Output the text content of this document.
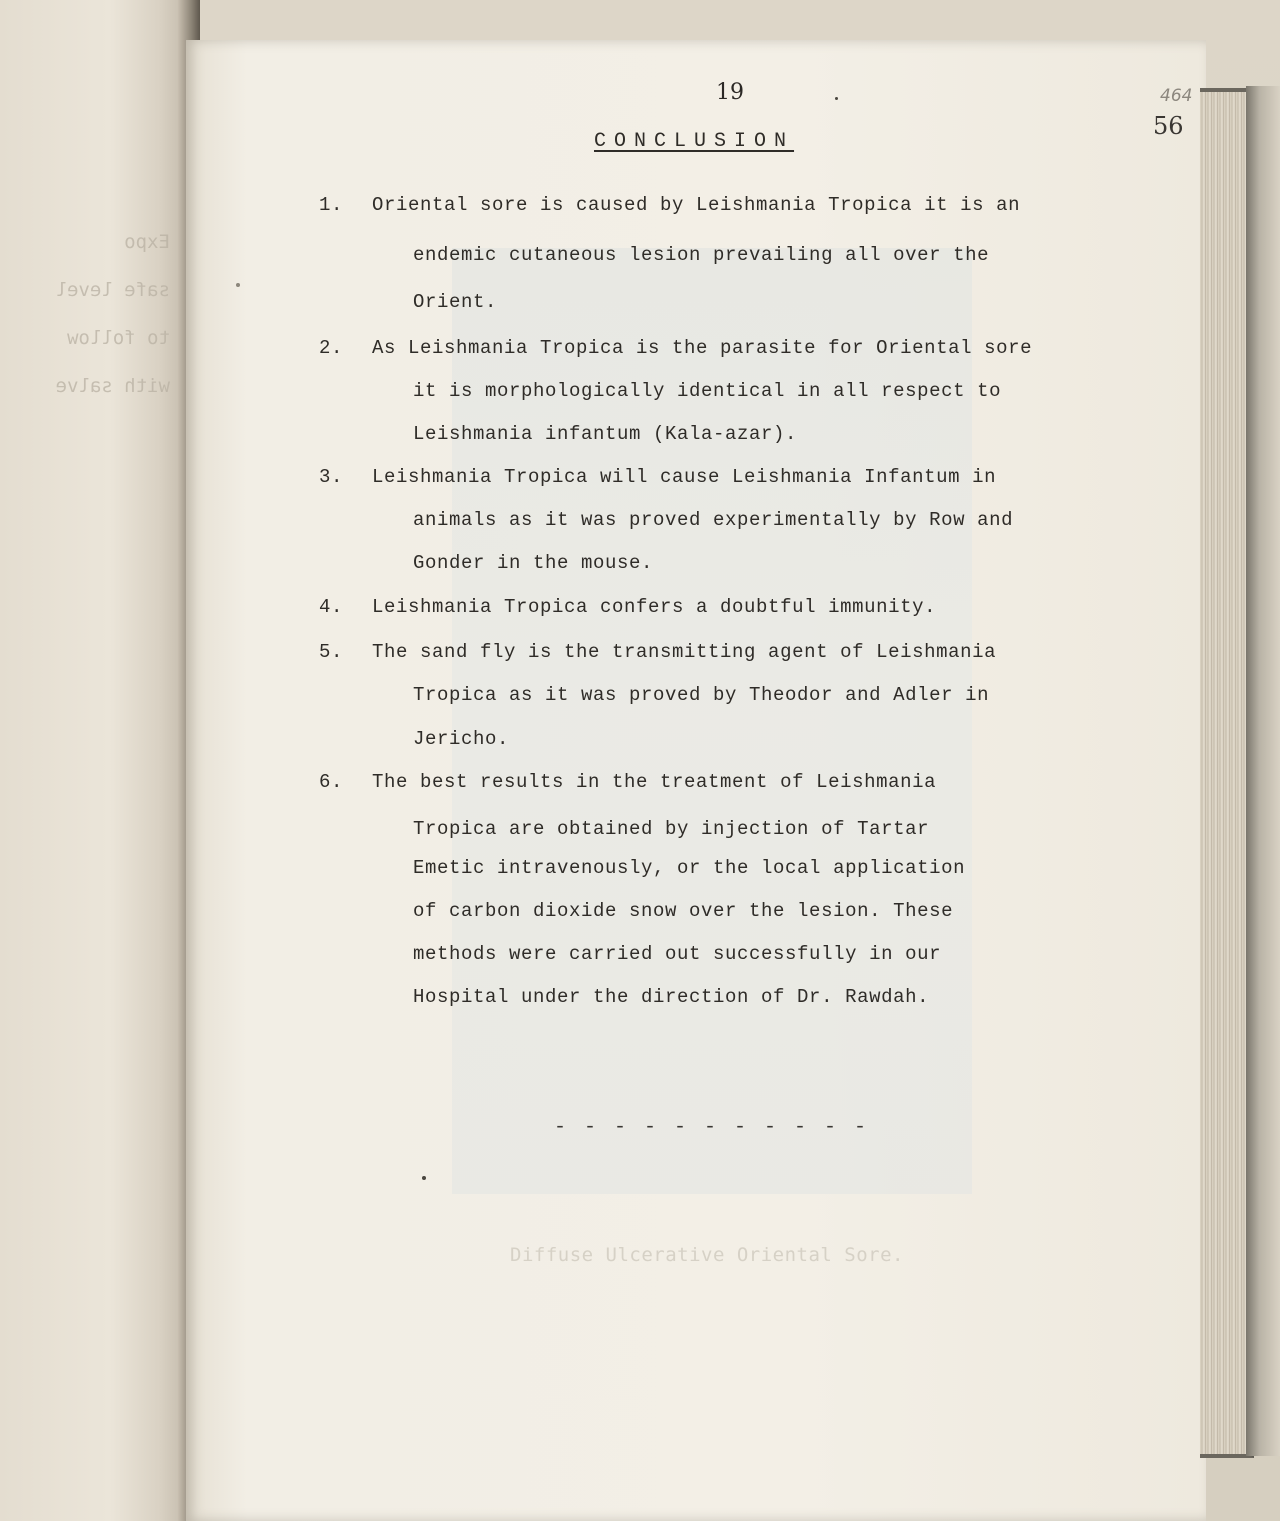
Expo
safe level
to follow
with salve
Diffuse Ulcerative Oriental Sore.
19	464
56
CONCLUSION
1. Oriental sore is caused by Leishmania Tropica it is an
endemic cutaneous lesion prevailing all over the
Orient.
2. As Leishmania Tropica is the parasite for Oriental sore
it is morphologically identical in all respect to
Leishmania infantum (Kala-azar).
3. Leishmania Tropica will cause Leishmania Infantum in
animals as it was proved experimentally by Row and
Gonder in the mouse.
4. Leishmania Tropica confers a doubtful immunity.
5. The sand fly is the transmitting agent of Leishmania
Tropica as it was proved by Theodor and Adler in
Jericho.
6. The best results in the treatment of Leishmania
Tropica are obtained by injection of Tartar
Emetic intravenously, or the local application
of carbon dioxide snow over the lesion. These
methods were carried out successfully in our
Hospital under the direction of Dr. Rawdah.
- - - - - - - - - - -
